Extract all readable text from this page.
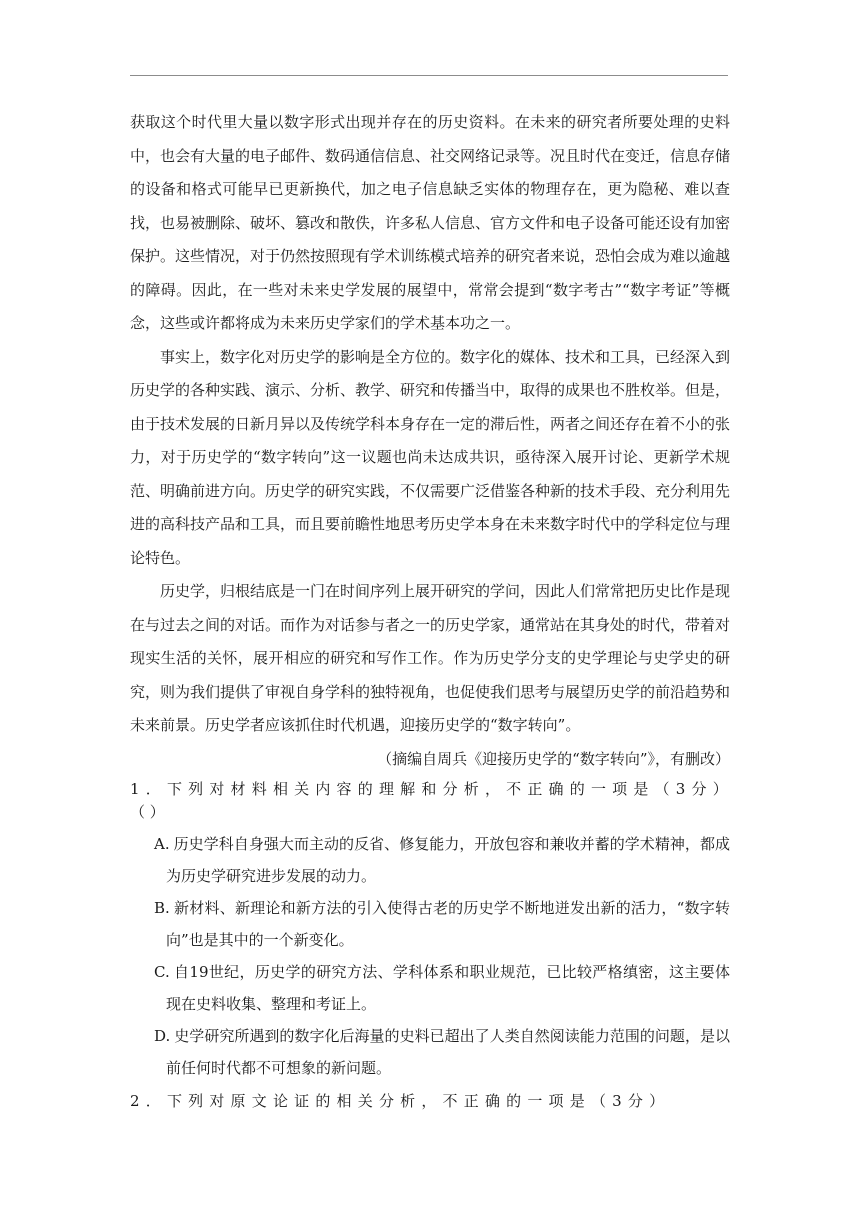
获取这个时代里大量以数字形式出现并存在的历史资料。在未来的研究者所要处理的史料中，也会有大量的电子邮件、数码通信信息、社交网络记录等。况且时代在变迁，信息存储的设备和格式可能早已更新换代，加之电子信息缺乏实体的物理存在，更为隐秘、难以查找，也易被删除、破坏、篡改和散佚，许多私人信息、官方文件和电子设备可能还设有加密保护。这些情况，对于仍然按照现有学术训练模式培养的研究者来说，恐怕会成为难以逾越的障碍。因此，在一些对未来史学发展的展望中，常常会提到“数字考古”“数字考证”等概念，这些或许都将成为未来历史学家们的学术基本功之一。

事实上，数字化对历史学的影响是全方位的。数字化的媒体、技术和工具，已经深入到历史学的各种实践、演示、分析、教学、研究和传播当中，取得的成果也不胜枚举。但是，由于技术发展的日新月异以及传统学科本身存在一定的滞后性，两者之间还存在着不小的张力，对于历史学的“数字转向”这一议题也尚未达成共识，亟待深入展开讨论、更新学术规范、明确前进方向。历史学的研究实践，不仅需要广泛借鉴各种新的技术手段、充分利用先进的高科技产品和工具，而且要前瞻性地思考历史学本身在未来数字时代中的学科定位与理论特色。

历史学，归根结底是一门在时间序列上展开研究的学问，因此人们常常把历史比作是现在与过去之间的对话。而作为对话参与者之一的历史学家，通常站在其身处的时代，带着对现实生活的关怀，展开相应的研究和写作工作。作为历史学分支的史学理论与史学史的研究，则为我们提供了审视自身学科的独特视角，也促使我们思考与展望历史学的前沿趋势和未来前景。历史学者应该抓住时代机遇，迎接历史学的“数字转向”。

（摘编自周兵《迎接历史学的“数字转向”》，有删改）

1．下列对材料相关内容的理解和分析，不正确的一项是（3分）

（ ）

A. 历史学科自身强大而主动的反省、修复能力，开放包容和兼收并蓄的学术精神，都成为历史学研究进步发展的动力。
B. 新材料、新理论和新方法的引入使得古老的历史学不断地迸发出新的活力，“数字转向”也是其中的一个新变化。
C. 自19世纪，历史学的研究方法、学科体系和职业规范，已比较严格缜密，这主要体现在史料收集、整理和考证上。
D. 史学研究所遇到的数字化后海量的史料已超出了人类自然阅读能力范围的问题，是以前任何时代都不可想象的新问题。

2．下列对原文论证的相关分析，不正确的一项是（3分）
